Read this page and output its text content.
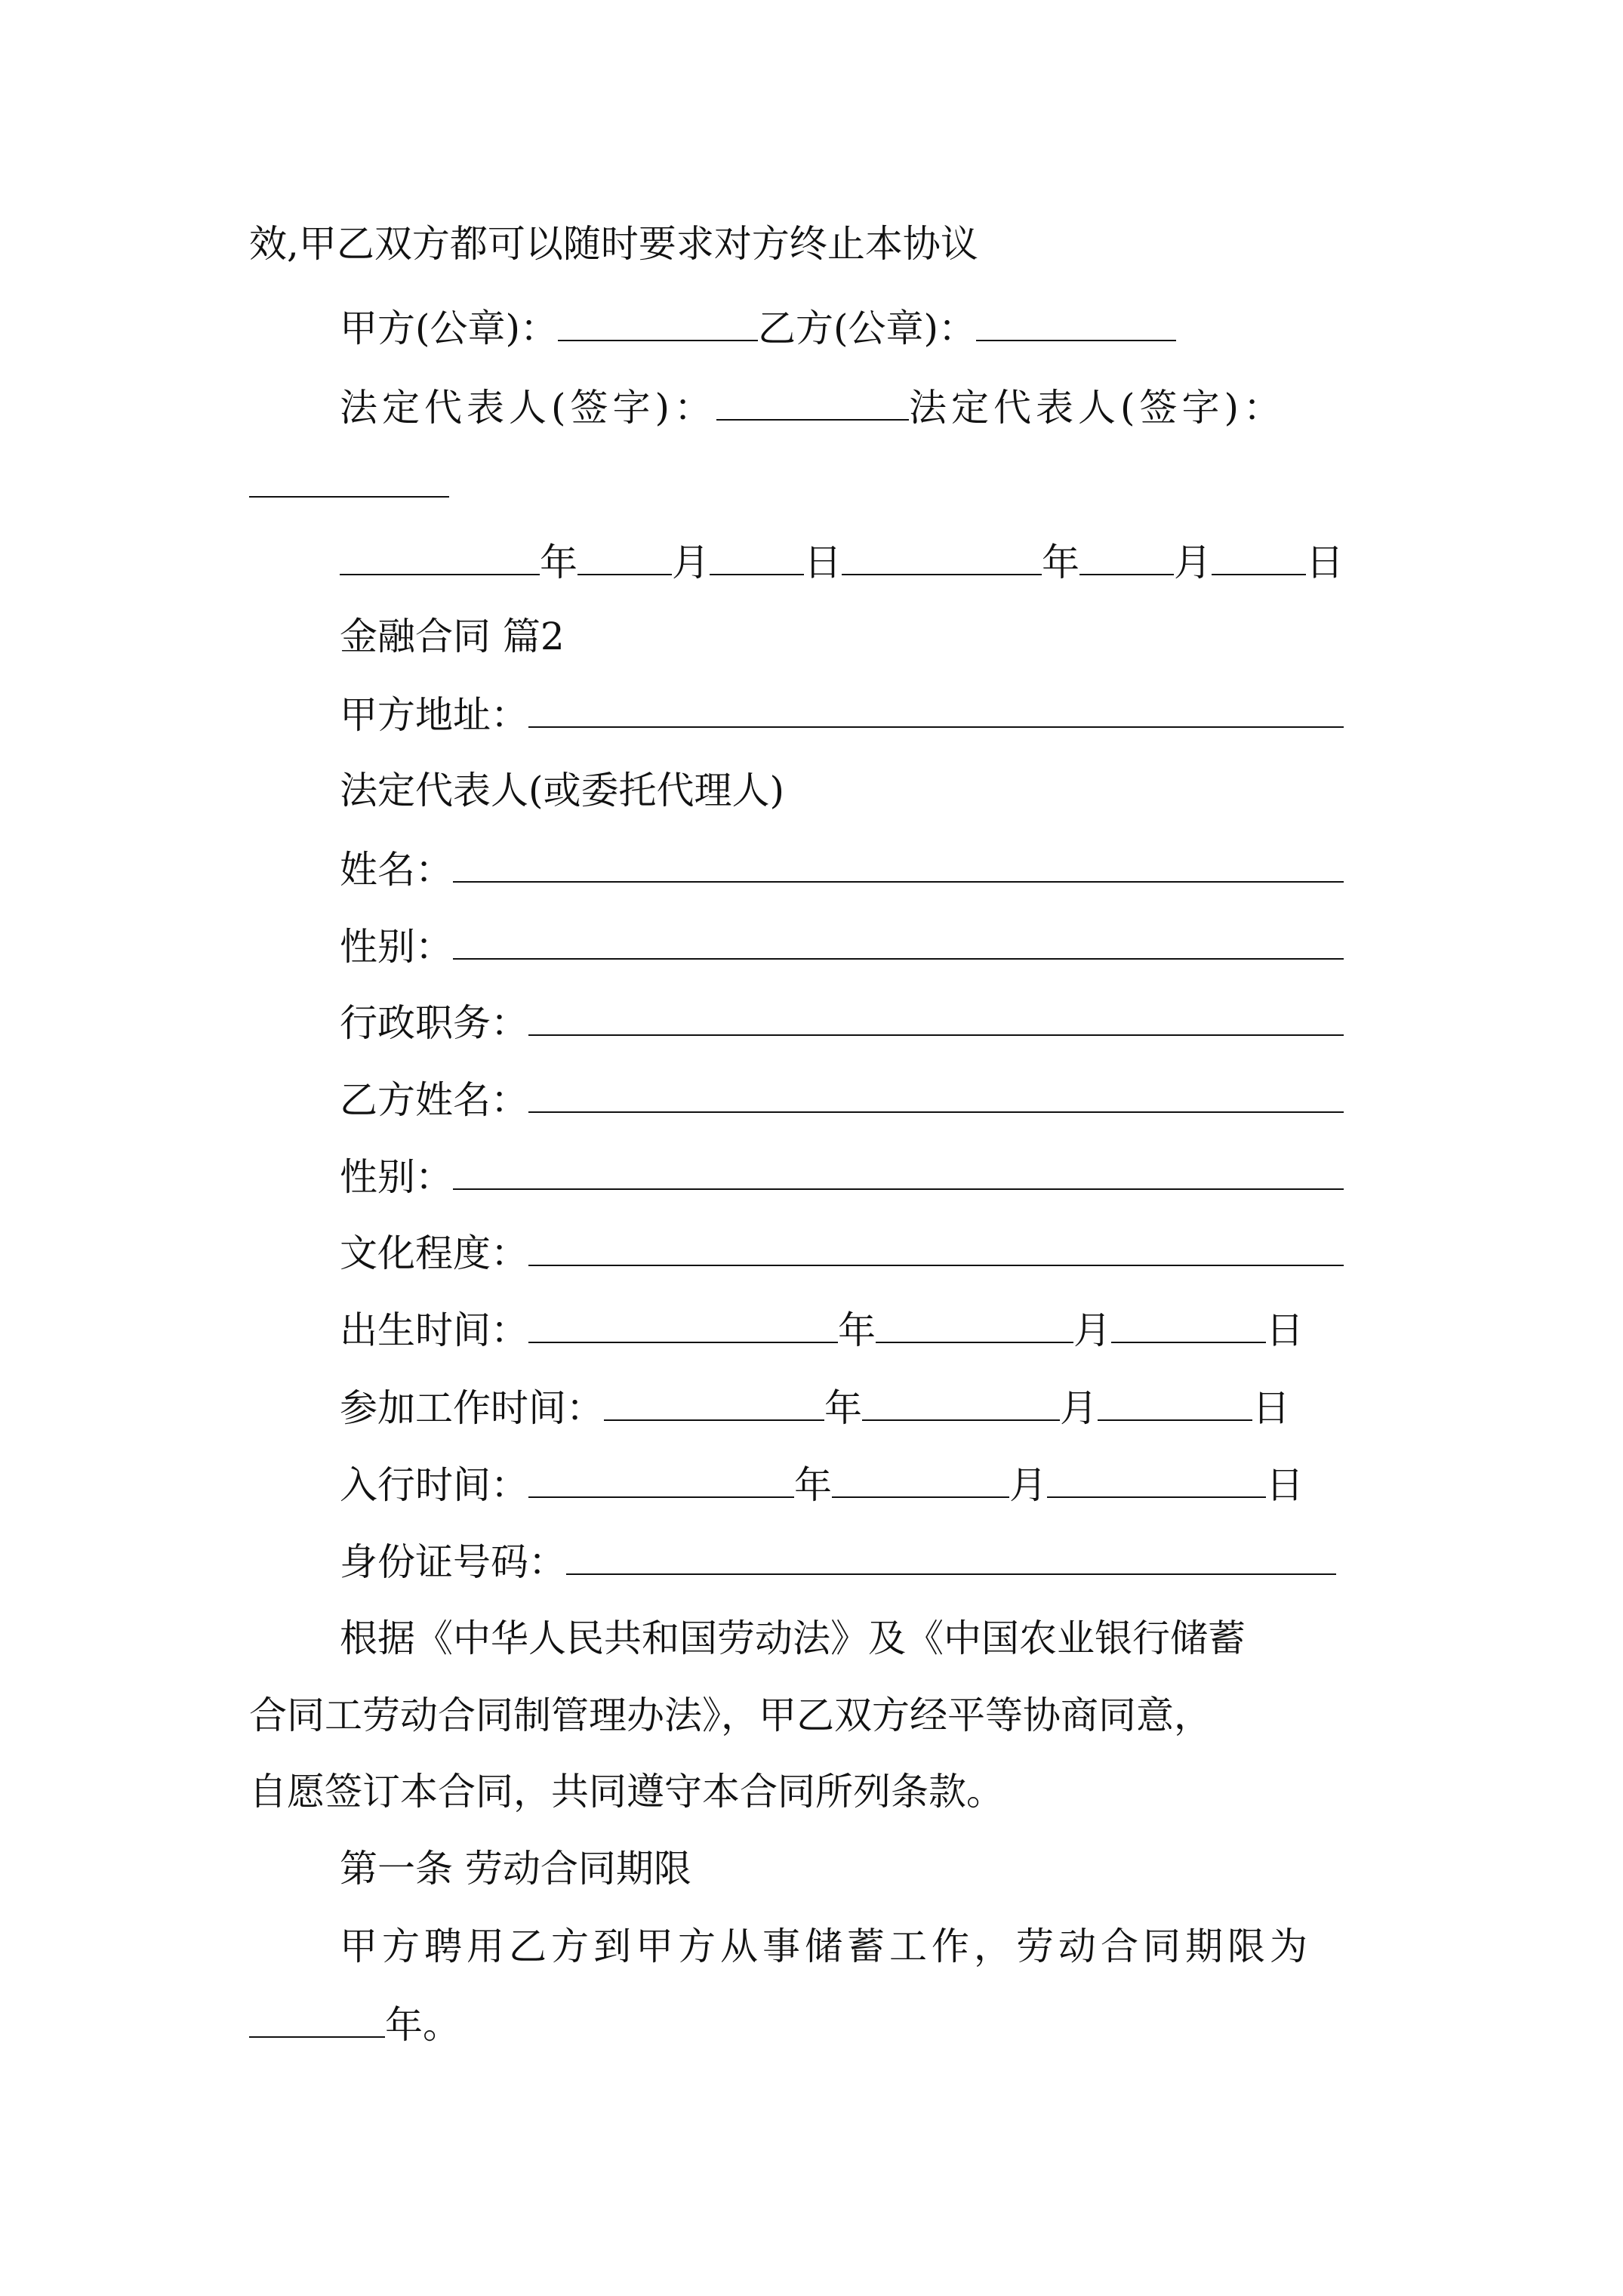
效,甲乙双方都可以随时要求对方终止本协议
甲方(公章)：	乙方(公章)：
法定代表人(签字)：	法定代表人(签字)：
年	月	日	年	月	日
金融合同 篇2
甲方地址：
法定代表人(或委托代理人)
姓名：
性别：
行政职务：
乙方姓名：
性别：
文化程度：
出生时间：	年	月	日
参加工作时间：	年	月	日
入行时间：	年	月	日
身份证号码：
根据《中华人民共和国劳动法》及《中国农业银行储蓄
合同工劳动合同制管理办法》，甲乙双方经平等协商同意，
自愿签订本合同，共同遵守本合同所列条款。
第一条 劳动合同期限
甲方聘用乙方到甲方从事储蓄工作，劳动合同期限为
年。
